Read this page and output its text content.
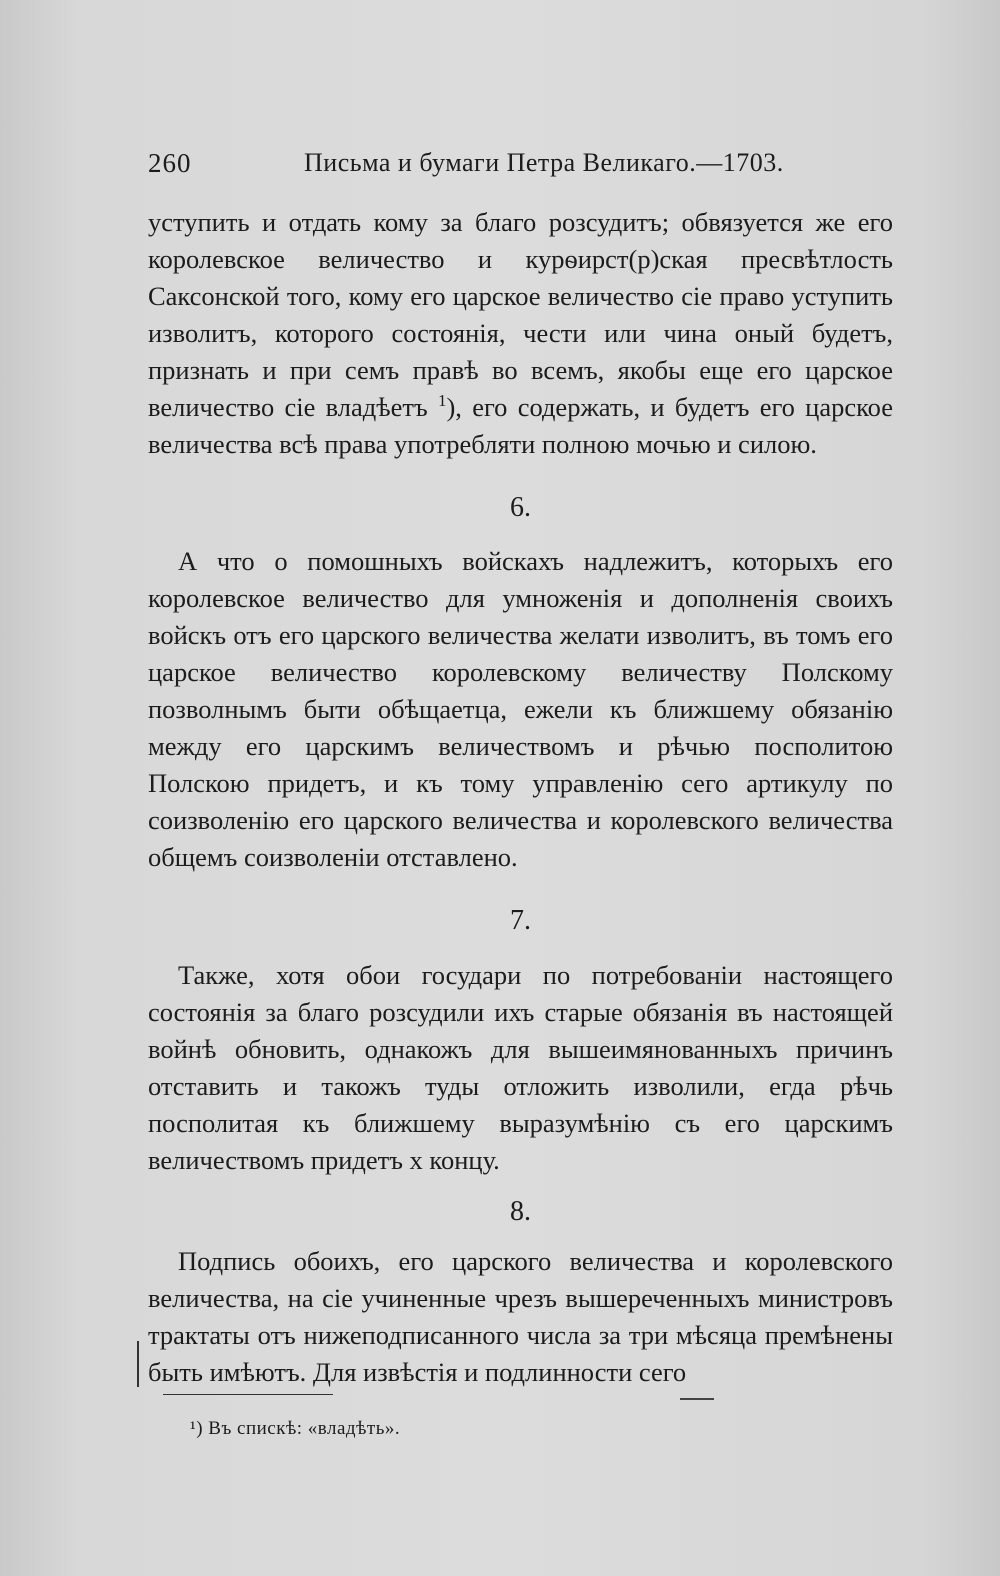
260	Письма и бумаги Петра Великаго.—1703.

уступить и отдать кому за благо розсудитъ; обвязуется же его королевское величество и курѳирст(р)ская пресвѣтлость Саксонской того, кому его царское величество сіе право уступить изволитъ, которого состоянія, чести или чина оный будетъ, признать и при семъ правѣ во всемъ, якобы еще его царское величество сіе владѣетъ $^1$), его содержать, и будетъ его царское величества всѣ права употребляти полною мочью и силою.

6.

А что о помошныхъ войскахъ надлежитъ, которыхъ его королевское величество для умноженія и дополненія своихъ войскъ отъ его царского величества желати изволитъ, въ томъ его царское величество королевскому величеству Полскому позволнымъ быти обѣщаетца, ежели къ ближшему обязанію между его царскимъ величествомъ и рѣчью посполитою Полскою придетъ, и къ тому управленію сего артикулу по соизволенію его царского величества и королевского величества общемъ соизволеніи отставлено.

7.

Также, хотя обои государи по потребованіи настоящего состоянія за благо розсудили ихъ старые обязанія въ настоящей войнѣ обновить, однакожъ для вышеимянованныхъ причинъ отставить и такожъ туды отложить изволили, егда рѣчь посполитая къ ближшему выразумѣнію съ его царскимъ величествомъ придетъ х концу.

8.

Подпись обоихъ, его царского величества и королевского величества, на сіе учиненные чрезъ вышереченныхъ министровъ трактаты отъ нижеподписанного числа за три мѣсяца премѣнены быть имѣютъ. Для извѣстія и подлинности сего

¹) Въ спискѣ: «владѣть».
